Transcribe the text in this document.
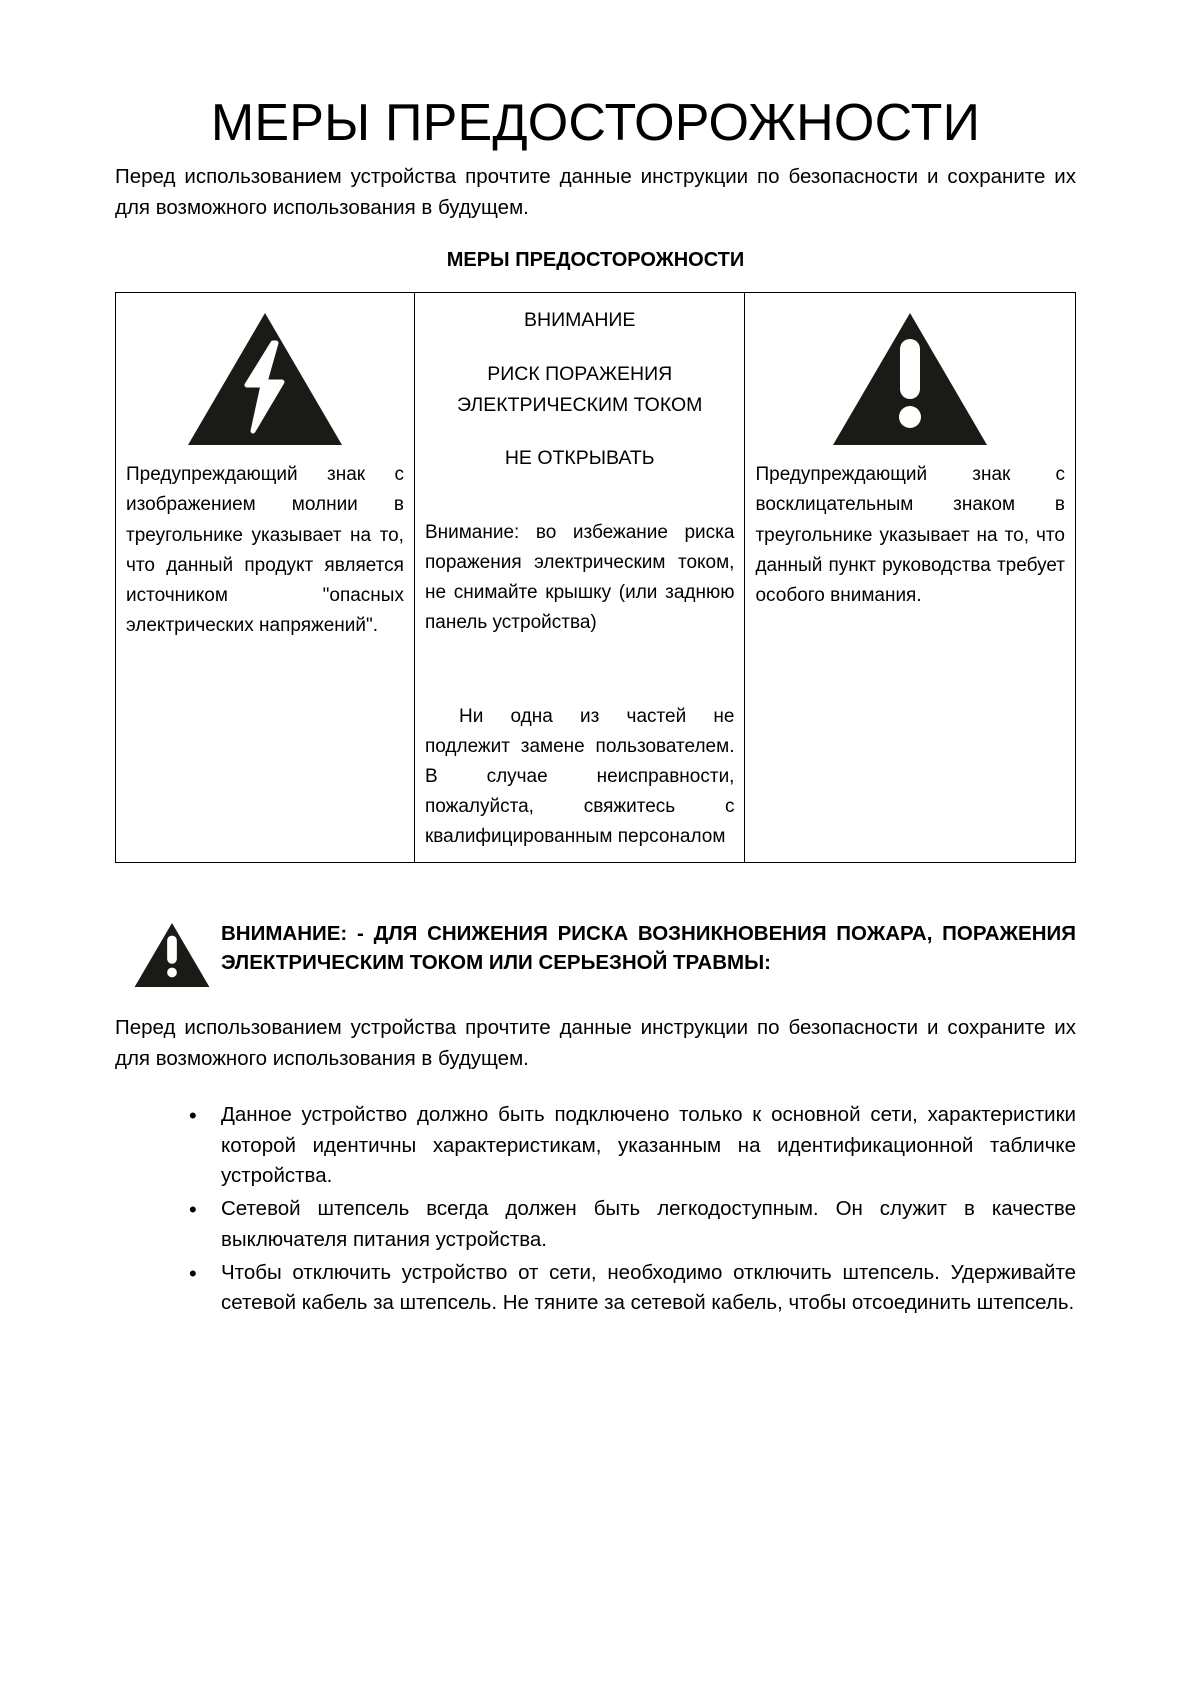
МЕРЫ ПРЕДОСТОРОЖНОСТИ

Перед использованием устройства прочтите данные инструкции по безопасности и сохраните их для возможного использования в будущем.

МЕРЫ ПРЕДОСТОРОЖНОСТИ

Предупреждающий знак с изображением молнии в треугольнике указывает на то, что данный продукт является источником "опасных электрических напряжений".

ВНИМАНИЕ
РИСК ПОРАЖЕНИЯ
ЭЛЕКТРИЧЕСКИМ ТОКОМ
НЕ ОТКРЫВАТЬ

Внимание: во избежание риска поражения электрическим током, не снимайте крышку (или заднюю панель устройства)

Ни одна из частей не подлежит замене пользователем. В случае неисправности, пожалуйста, свяжитесь с квалифицированным персоналом

Предупреждающий знак с восклицательным знаком в треугольнике указывает на то, что данный пункт руководства требует особого внимания.

ВНИМАНИЕ: - ДЛЯ СНИЖЕНИЯ РИСКА ВОЗНИКНОВЕНИЯ ПОЖАРА, ПОРАЖЕНИЯ ЭЛЕКТРИЧЕСКИМ ТОКОМ ИЛИ СЕРЬЕЗНОЙ ТРАВМЫ:

Перед использованием устройства прочтите данные инструкции по безопасности и сохраните их для возможного использования в будущем.

• Данное устройство должно быть подключено только к основной сети, характеристики которой идентичны характеристикам, указанным на идентификационной табличке устройства.
• Сетевой штепсель всегда должен быть легкодоступным. Он служит в качестве выключателя питания устройства.
• Чтобы отключить устройство от сети, необходимо отключить штепсель. Удерживайте сетевой кабель за штепсель. Не тяните за сетевой кабель, чтобы отсоединить штепсель.
